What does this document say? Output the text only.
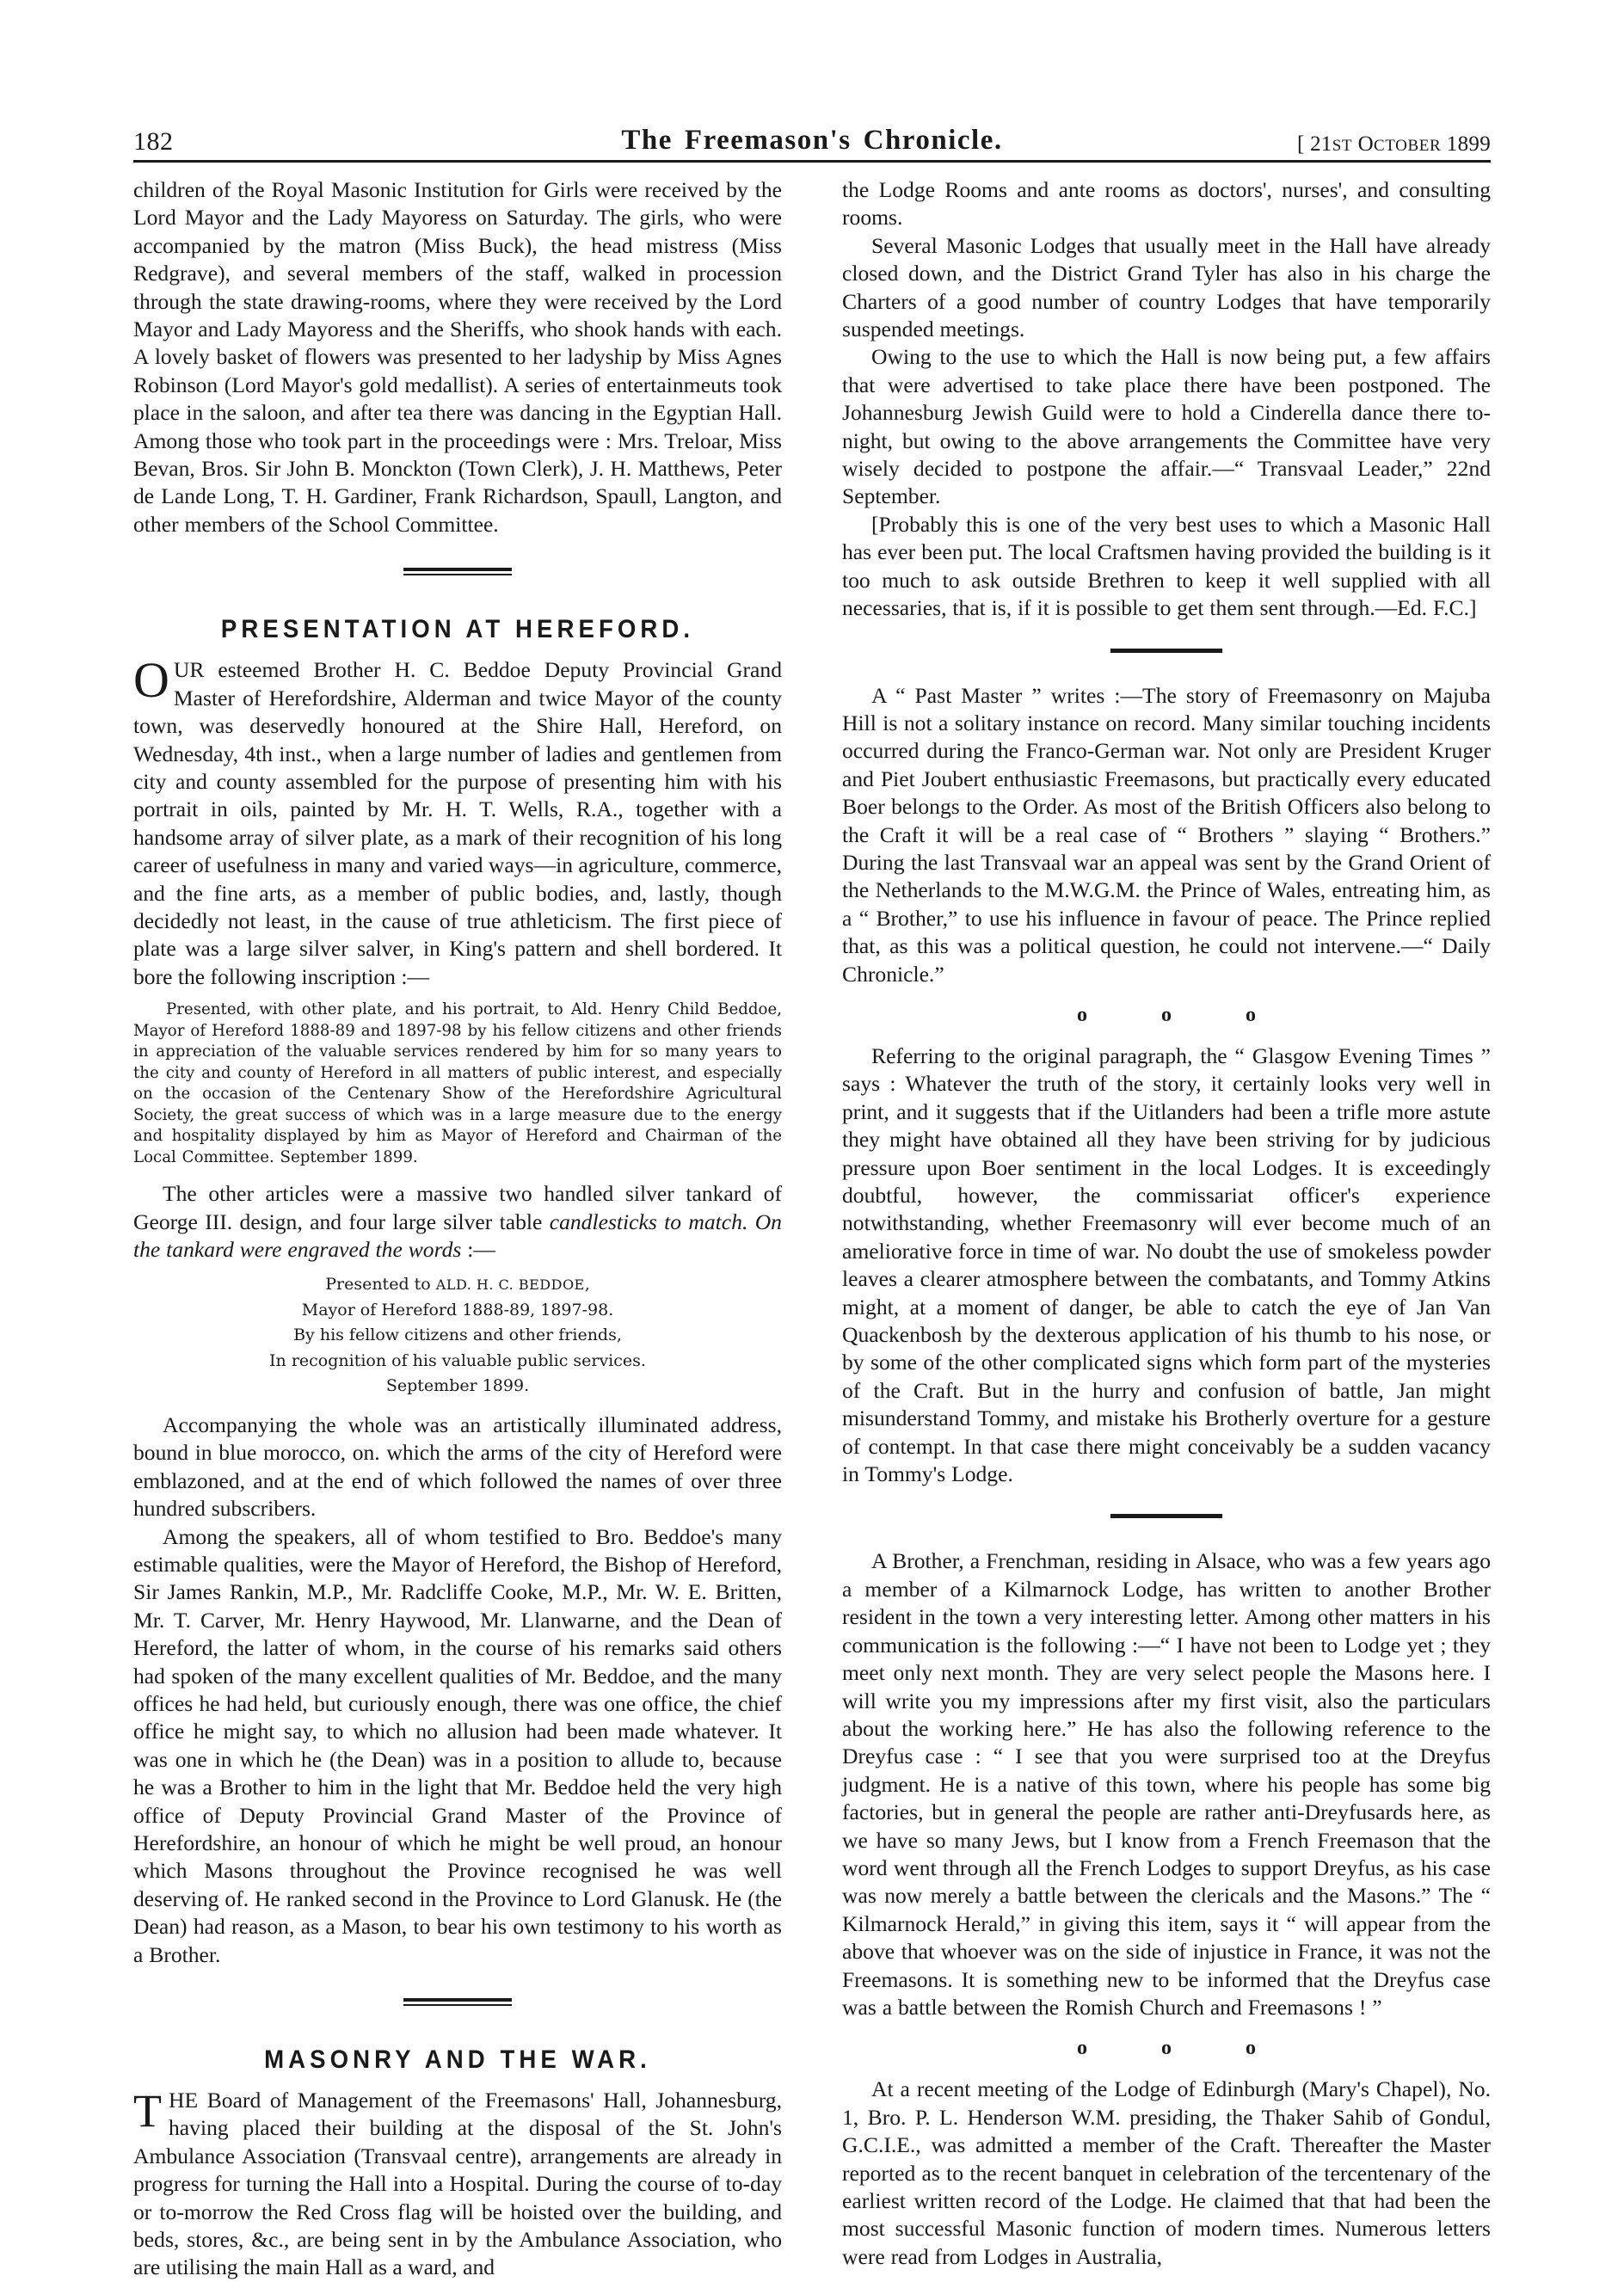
182	The Freemason's Chronicle.	[ 21ST OCTOBER 1899

children of the Royal Masonic Institution for Girls were received by the Lord Mayor and the Lady Mayoress on Saturday. The girls, who were accompanied by the matron (Miss Buck), the head mistress (Miss Redgrave), and several members of the staff, walked in procession through the state drawing-rooms, where they were received by the Lord Mayor and Lady Mayoress and the Sheriffs, who shook hands with each. A lovely basket of flowers was presented to her ladyship by Miss Agnes Robinson (Lord Mayor's gold medallist). A series of entertainmeuts took place in the saloon, and after tea there was dancing in the Egyptian Hall. Among those who took part in the proceedings were : Mrs. Treloar, Miss Bevan, Bros. Sir John B. Monckton (Town Clerk), J. H. Matthews, Peter de Lande Long, T. H. Gardiner, Frank Richardson, Spaull, Langton, and other members of the School Committee.

PRESENTATION AT HEREFORD.

OUR esteemed Brother H. C. Beddoe Deputy Provincial Grand Master of Herefordshire, Alderman and twice Mayor of the county town, was deservedly honoured at the Shire Hall, Hereford, on Wednesday, 4th inst., when a large number of ladies and gentlemen from city and county assembled for the purpose of presenting him with his portrait in oils, painted by Mr. H. T. Wells, R.A., together with a handsome array of silver plate, as a mark of their recognition of his long career of usefulness in many and varied ways—in agriculture, commerce, and the fine arts, as a member of public bodies, and, lastly, though decidedly not least, in the cause of true athleticism. The first piece of plate was a large silver salver, in King's pattern and shell bordered. It bore the following inscription :—

Presented, with other plate, and his portrait, to Ald. Henry Child Beddoe, Mayor of Hereford 1888-89 and 1897-98 by his fellow citizens and other friends in appreciation of the valuable services rendered by him for so many years to the city and county of Hereford in all matters of public interest, and especially on the occasion of the Centenary Show of the Herefordshire Agricultural Society, the great success of which was in a large measure due to the energy and hospitality displayed by him as Mayor of Hereford and Chairman of the Local Committee. September 1899.

The other articles were a massive two handled silver tankard of George III. design, and four large silver table candlesticks to match. On the tankard were engraved the words :—

Presented to ALD. H. C. BEDDOE,
Mayor of Hereford 1888-89, 1897-98.
By his fellow citizens and other friends,
In recognition of his valuable public services.
September 1899.

Accompanying the whole was an artistically illuminated address, bound in blue morocco, on. which the arms of the city of Hereford were emblazoned, and at the end of which followed the names of over three hundred subscribers.

Among the speakers, all of whom testified to Bro. Beddoe's many estimable qualities, were the Mayor of Hereford, the Bishop of Hereford, Sir James Rankin, M.P., Mr. Radcliffe Cooke, M.P., Mr. W. E. Britten, Mr. T. Carver, Mr. Henry Haywood, Mr. Llanwarne, and the Dean of Hereford, the latter of whom, in the course of his remarks said others had spoken of the many excellent qualities of Mr. Beddoe, and the many offices he had held, but curiously enough, there was one office, the chief office he might say, to which no allusion had been made whatever. It was one in which he (the Dean) was in a position to allude to, because he was a Brother to him in the light that Mr. Beddoe held the very high office of Deputy Provincial Grand Master of the Province of Herefordshire, an honour of which he might be well proud, an honour which Masons throughout the Province recognised he was well deserving of. He ranked second in the Province to Lord Glanusk. He (the Dean) had reason, as a Mason, to bear his own testimony to his worth as a Brother.

MASONRY AND THE WAR.

THE Board of Management of the Freemasons' Hall, Johannesburg, having placed their building at the disposal of the St. John's Ambulance Association (Transvaal centre), arrangements are already in progress for turning the Hall into a Hospital. During the course of to-day or to-morrow the Red Cross flag will be hoisted over the building, and beds, stores, &c., are being sent in by the Ambulance Association, who are utilising the main Hall as a ward, and

the Lodge Rooms and ante rooms as doctors', nurses', and consulting rooms.

Several Masonic Lodges that usually meet in the Hall have already closed down, and the District Grand Tyler has also in his charge the Charters of a good number of country Lodges that have temporarily suspended meetings.

Owing to the use to which the Hall is now being put, a few affairs that were advertised to take place there have been postponed. The Johannesburg Jewish Guild were to hold a Cinderella dance there to-night, but owing to the above arrangements the Committee have very wisely decided to postpone the affair.—“ Transvaal Leader,” 22nd September.

[Probably this is one of the very best uses to which a Masonic Hall has ever been put. The local Craftsmen having provided the building is it too much to ask outside Brethren to keep it well supplied with all necessaries, that is, if it is possible to get them sent through.—Ed. F.C.]

A “ Past Master ” writes :—The story of Freemasonry on Majuba Hill is not a solitary instance on record. Many similar touching incidents occurred during the Franco-German war. Not only are President Kruger and Piet Joubert enthusiastic Freemasons, but practically every educated Boer belongs to the Order. As most of the British Officers also belong to the Craft it will be a real case of “ Brothers ” slaying “ Brothers.” During the last Transvaal war an appeal was sent by the Grand Orient of the Netherlands to the M.W.G.M. the Prince of Wales, entreating him, as a “ Brother,” to use his influence in favour of peace. The Prince replied that, as this was a political question, he could not intervene.—“ Daily Chronicle.”

o o o

Referring to the original paragraph, the “ Glasgow Evening Times ” says : Whatever the truth of the story, it certainly looks very well in print, and it suggests that if the Uitlanders had been a trifle more astute they might have obtained all they have been striving for by judicious pressure upon Boer sentiment in the local Lodges. It is exceedingly doubtful, however, the commissariat officer's experience notwithstanding, whether Freemasonry will ever become much of an ameliorative force in time of war. No doubt the use of smokeless powder leaves a clearer atmosphere between the combatants, and Tommy Atkins might, at a moment of danger, be able to catch the eye of Jan Van Quackenbosh by the dexterous application of his thumb to his nose, or by some of the other complicated signs which form part of the mysteries of the Craft. But in the hurry and confusion of battle, Jan might misunderstand Tommy, and mistake his Brotherly overture for a gesture of contempt. In that case there might conceivably be a sudden vacancy in Tommy's Lodge.

A Brother, a Frenchman, residing in Alsace, who was a few years ago a member of a Kilmarnock Lodge, has written to another Brother resident in the town a very interesting letter. Among other matters in his communication is the following :—“ I have not been to Lodge yet ; they meet only next month. They are very select people the Masons here. I will write you my impressions after my first visit, also the particulars about the working here.” He has also the following reference to the Dreyfus case : “ I see that you were surprised too at the Dreyfus judgment. He is a native of this town, where his people has some big factories, but in general the people are rather anti-Dreyfusards here, as we have so many Jews, but I know from a French Freemason that the word went through all the French Lodges to support Dreyfus, as his case was now merely a battle between the clericals and the Masons.” The “ Kilmarnock Herald,” in giving this item, says it “ will appear from the above that whoever was on the side of injustice in France, it was not the Freemasons. It is something new to be informed that the Dreyfus case was a battle between the Romish Church and Freemasons ! ”

o o o

At a recent meeting of the Lodge of Edinburgh (Mary's Chapel), No. 1, Bro. P. L. Henderson W.M. presiding, the Thaker Sahib of Gondul, G.C.I.E., was admitted a member of the Craft. Thereafter the Master reported as to the recent banquet in celebration of the tercentenary of the earliest written record of the Lodge. He claimed that that had been the most successful Masonic function of modern times. Numerous letters were read from Lodges in Australia,
